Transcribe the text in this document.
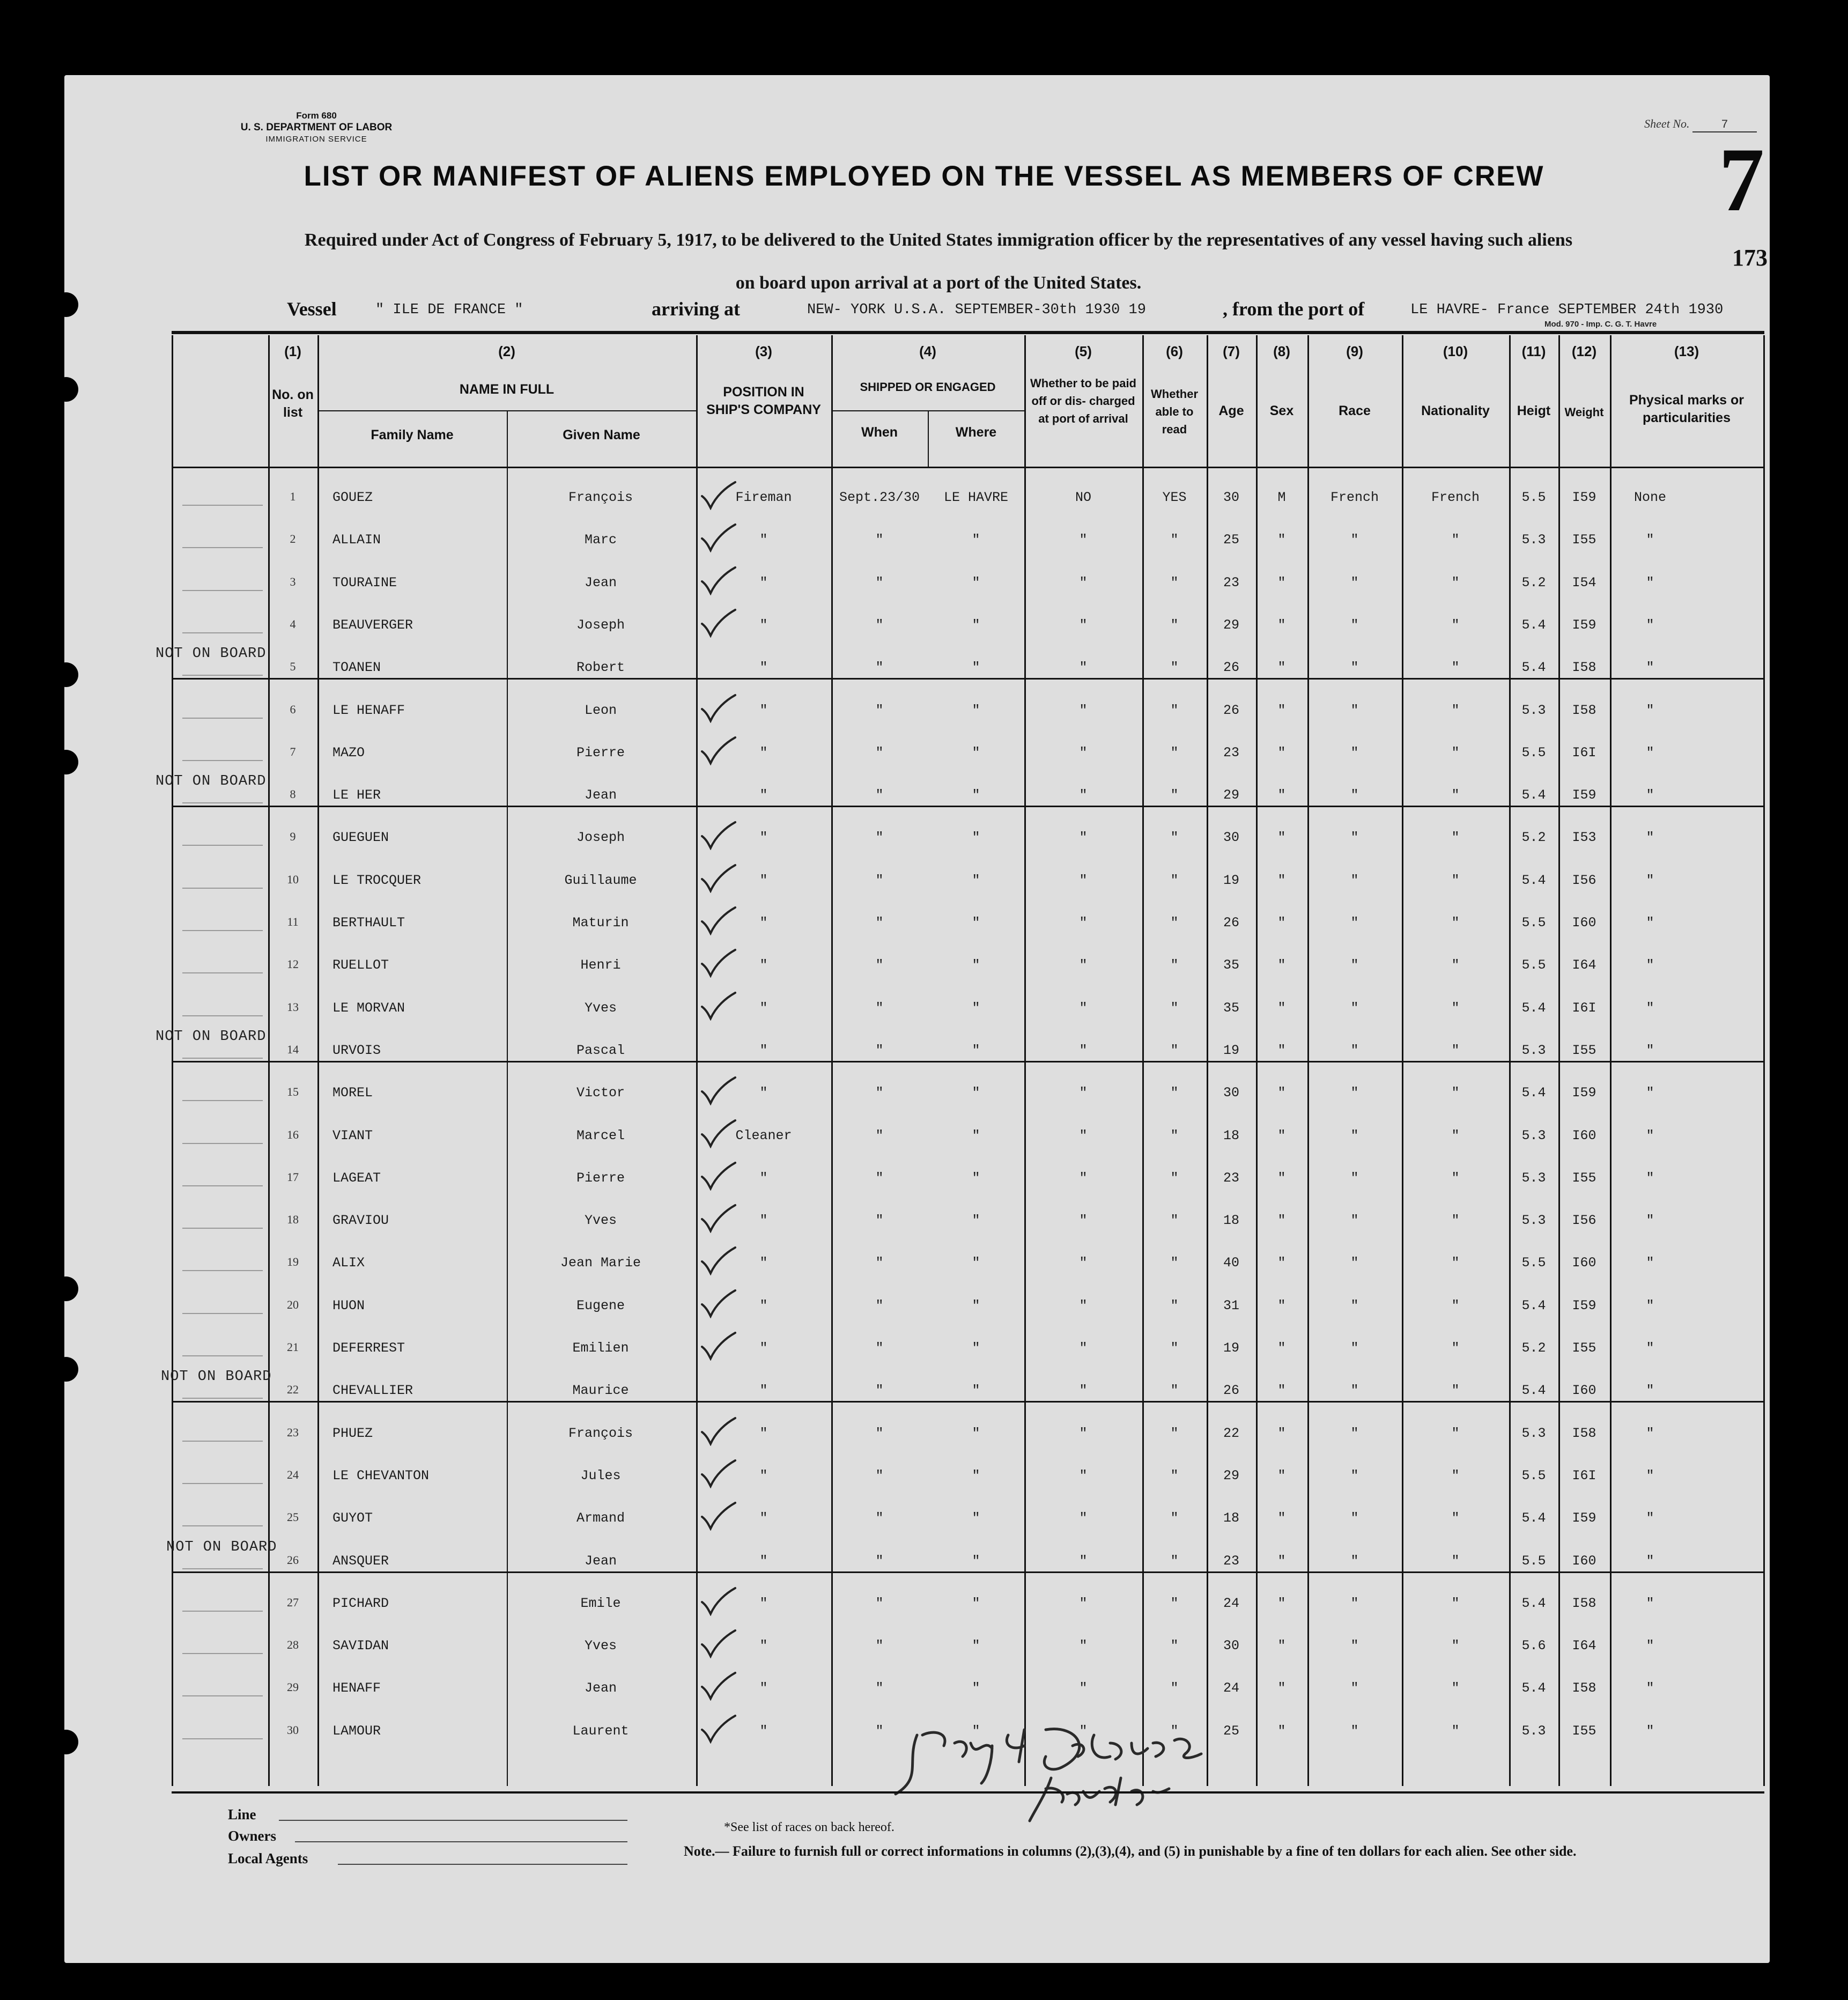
Form 680
U. S. DEPARTMENT OF LABOR
IMMIGRATION SERVICE
Sheet No.	7
7
173
LIST OR MANIFEST OF ALIENS EMPLOYED ON THE VESSEL AS MEMBERS OF CREW
Required under Act of Congress of February 5, 1917, to be delivered to the United States immigration officer by the representatives of any vessel having such aliens
on board upon arrival at a port of the United States.
Vessel	" ILE DE FRANCE "	arriving at	NEW- YORK U.S.A. SEPTEMBER-30th 1930 19	, from the port of	LE HAVRE- France SEPTEMBER 24th 1930
Mod. 970 - Imp. C. G. T. Havre
(1)	(2)	(3)	(4)	(5)	(6)	(7)	(8)	(9)	(10)	(11)	(12)	(13)
No. on list
NAME IN FULL
Family Name	Given Name
POSITION IN SHIP'S COMPANY
SHIPPED OR ENGAGED
When	Where
Whether to be paid off or dis- charged at port of arrival
Whether able to read
Age	Sex	Race	Nationality	Heigt	Weight
Physical marks or particularities
1	GOUEZ	François	Fireman	Sept.23/30	LE HAVRE	NO	YES	30	M	French	French	5.5	I59	None
2	ALLAIN	Marc	"	"	"	"	"	25	"	"	"	5.3	I55	"
3	TOURAINE	Jean	"	"	"	"	"	23	"	"	"	5.2	I54	"
4	BEAUVERGER	Joseph	"	"	"	"	"	29	"	"	"	5.4	I59	"
5	TOANEN	Robert	"	"	"	"	"	26	"	"	"	5.4	I58	"
NOT ON BOARD
6	LE HENAFF	Leon	"	"	"	"	"	26	"	"	"	5.3	I58	"
7	MAZO	Pierre	"	"	"	"	"	23	"	"	"	5.5	I6I	"
8	LE HER	Jean	"	"	"	"	"	29	"	"	"	5.4	I59	"
NOT ON BOARD
9	GUEGUEN	Joseph	"	"	"	"	"	30	"	"	"	5.2	I53	"
10	LE TROCQUER	Guillaume	"	"	"	"	"	19	"	"	"	5.4	I56	"
11	BERTHAULT	Maturin	"	"	"	"	"	26	"	"	"	5.5	I60	"
12	RUELLOT	Henri	"	"	"	"	"	35	"	"	"	5.5	I64	"
13	LE MORVAN	Yves	"	"	"	"	"	35	"	"	"	5.4	I6I	"
14	URVOIS	Pascal	"	"	"	"	"	19	"	"	"	5.3	I55	"
NOT ON BOARD
15	MOREL	Victor	"	"	"	"	"	30	"	"	"	5.4	I59	"
16	VIANT	Marcel	Cleaner	"	"	"	"	18	"	"	"	5.3	I60	"
17	LAGEAT	Pierre	"	"	"	"	"	23	"	"	"	5.3	I55	"
18	GRAVIOU	Yves	"	"	"	"	"	18	"	"	"	5.3	I56	"
19	ALIX	Jean Marie	"	"	"	"	"	40	"	"	"	5.5	I60	"
20	HUON	Eugene	"	"	"	"	"	31	"	"	"	5.4	I59	"
21	DEFERREST	Emilien	"	"	"	"	"	19	"	"	"	5.2	I55	"
22	CHEVALLIER	Maurice	"	"	"	"	"	26	"	"	"	5.4	I60	"
NOT ON BOARD
23	PHUEZ	François	"	"	"	"	"	22	"	"	"	5.3	I58	"
24	LE CHEVANTON	Jules	"	"	"	"	"	29	"	"	"	5.5	I6I	"
25	GUYOT	Armand	"	"	"	"	"	18	"	"	"	5.4	I59	"
26	ANSQUER	Jean	"	"	"	"	"	23	"	"	"	5.5	I60	"
NOT ON BOARD
27	PICHARD	Emile	"	"	"	"	"	24	"	"	"	5.4	I58	"
28	SAVIDAN	Yves	"	"	"	"	"	30	"	"	"	5.6	I64	"
29	HENAFF	Jean	"	"	"	"	"	24	"	"	"	5.4	I58	"
30	LAMOUR	Laurent	"	"	"	"	"	25	"	"	"	5.3	I55	"
Line
Owners
Local Agents
*See list of races on back hereof.
Note.— Failure to furnish full or correct informations in columns (2),(3),(4), and (5) in punishable by a fine of ten dollars for each alien. See other side.
